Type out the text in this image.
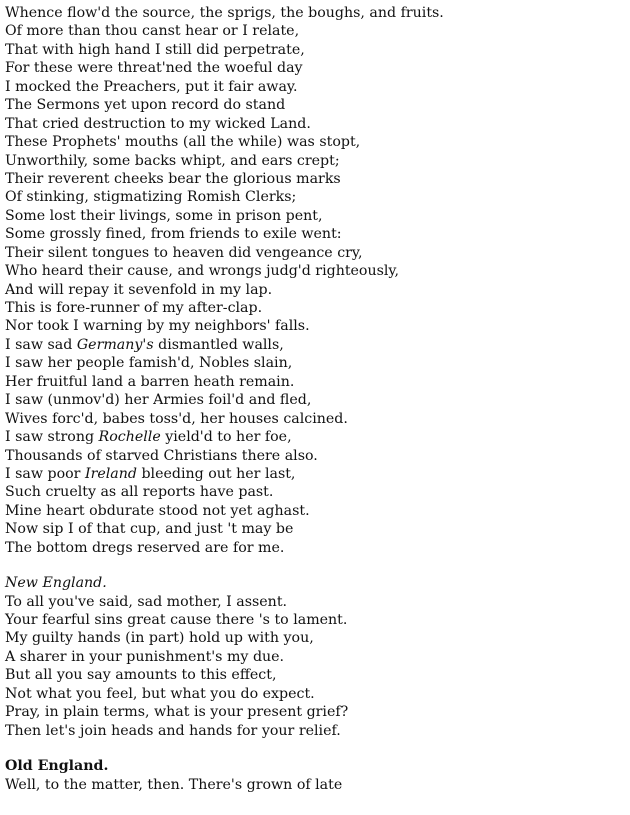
Whence flow'd the source, the sprigs, the boughs, and fruits.
Of more than thou canst hear or I relate,
That with high hand I still did perpetrate,
For these were threat'ned the woeful day
I mocked the Preachers, put it fair away.
The Sermons yet upon record do stand
That cried destruction to my wicked Land.
These Prophets' mouths (all the while) was stopt,
Unworthily, some backs whipt, and ears crept;
Their reverent cheeks bear the glorious marks
Of stinking, stigmatizing Romish Clerks;
Some lost their livings, some in prison pent,
Some grossly fined, from friends to exile went:
Their silent tongues to heaven did vengeance cry,
Who heard their cause, and wrongs judg'd righteously,
And will repay it sevenfold in my lap.
This is fore-runner of my after-clap.
Nor took I warning by my neighbors' falls.
I saw sad Germany's dismantled walls,
I saw her people famish'd, Nobles slain,
Her fruitful land a barren heath remain.
I saw (unmov'd) her Armies foil'd and fled,
Wives forc'd, babes toss'd, her houses calcined.
I saw strong Rochelle yield'd to her foe,
Thousands of starved Christians there also.
I saw poor Ireland bleeding out her last,
Such cruelty as all reports have past.
Mine heart obdurate stood not yet aghast.
Now sip I of that cup, and just 't may be
The bottom dregs reserved are for me.
New England.
To all you've said, sad mother, I assent.
Your fearful sins great cause there 's to lament.
My guilty hands (in part) hold up with you,
A sharer in your punishment's my due.
But all you say amounts to this effect,
Not what you feel, but what you do expect.
Pray, in plain terms, what is your present grief?
Then let's join heads and hands for your relief.
Old England.
Well, to the matter, then. There's grown of late
